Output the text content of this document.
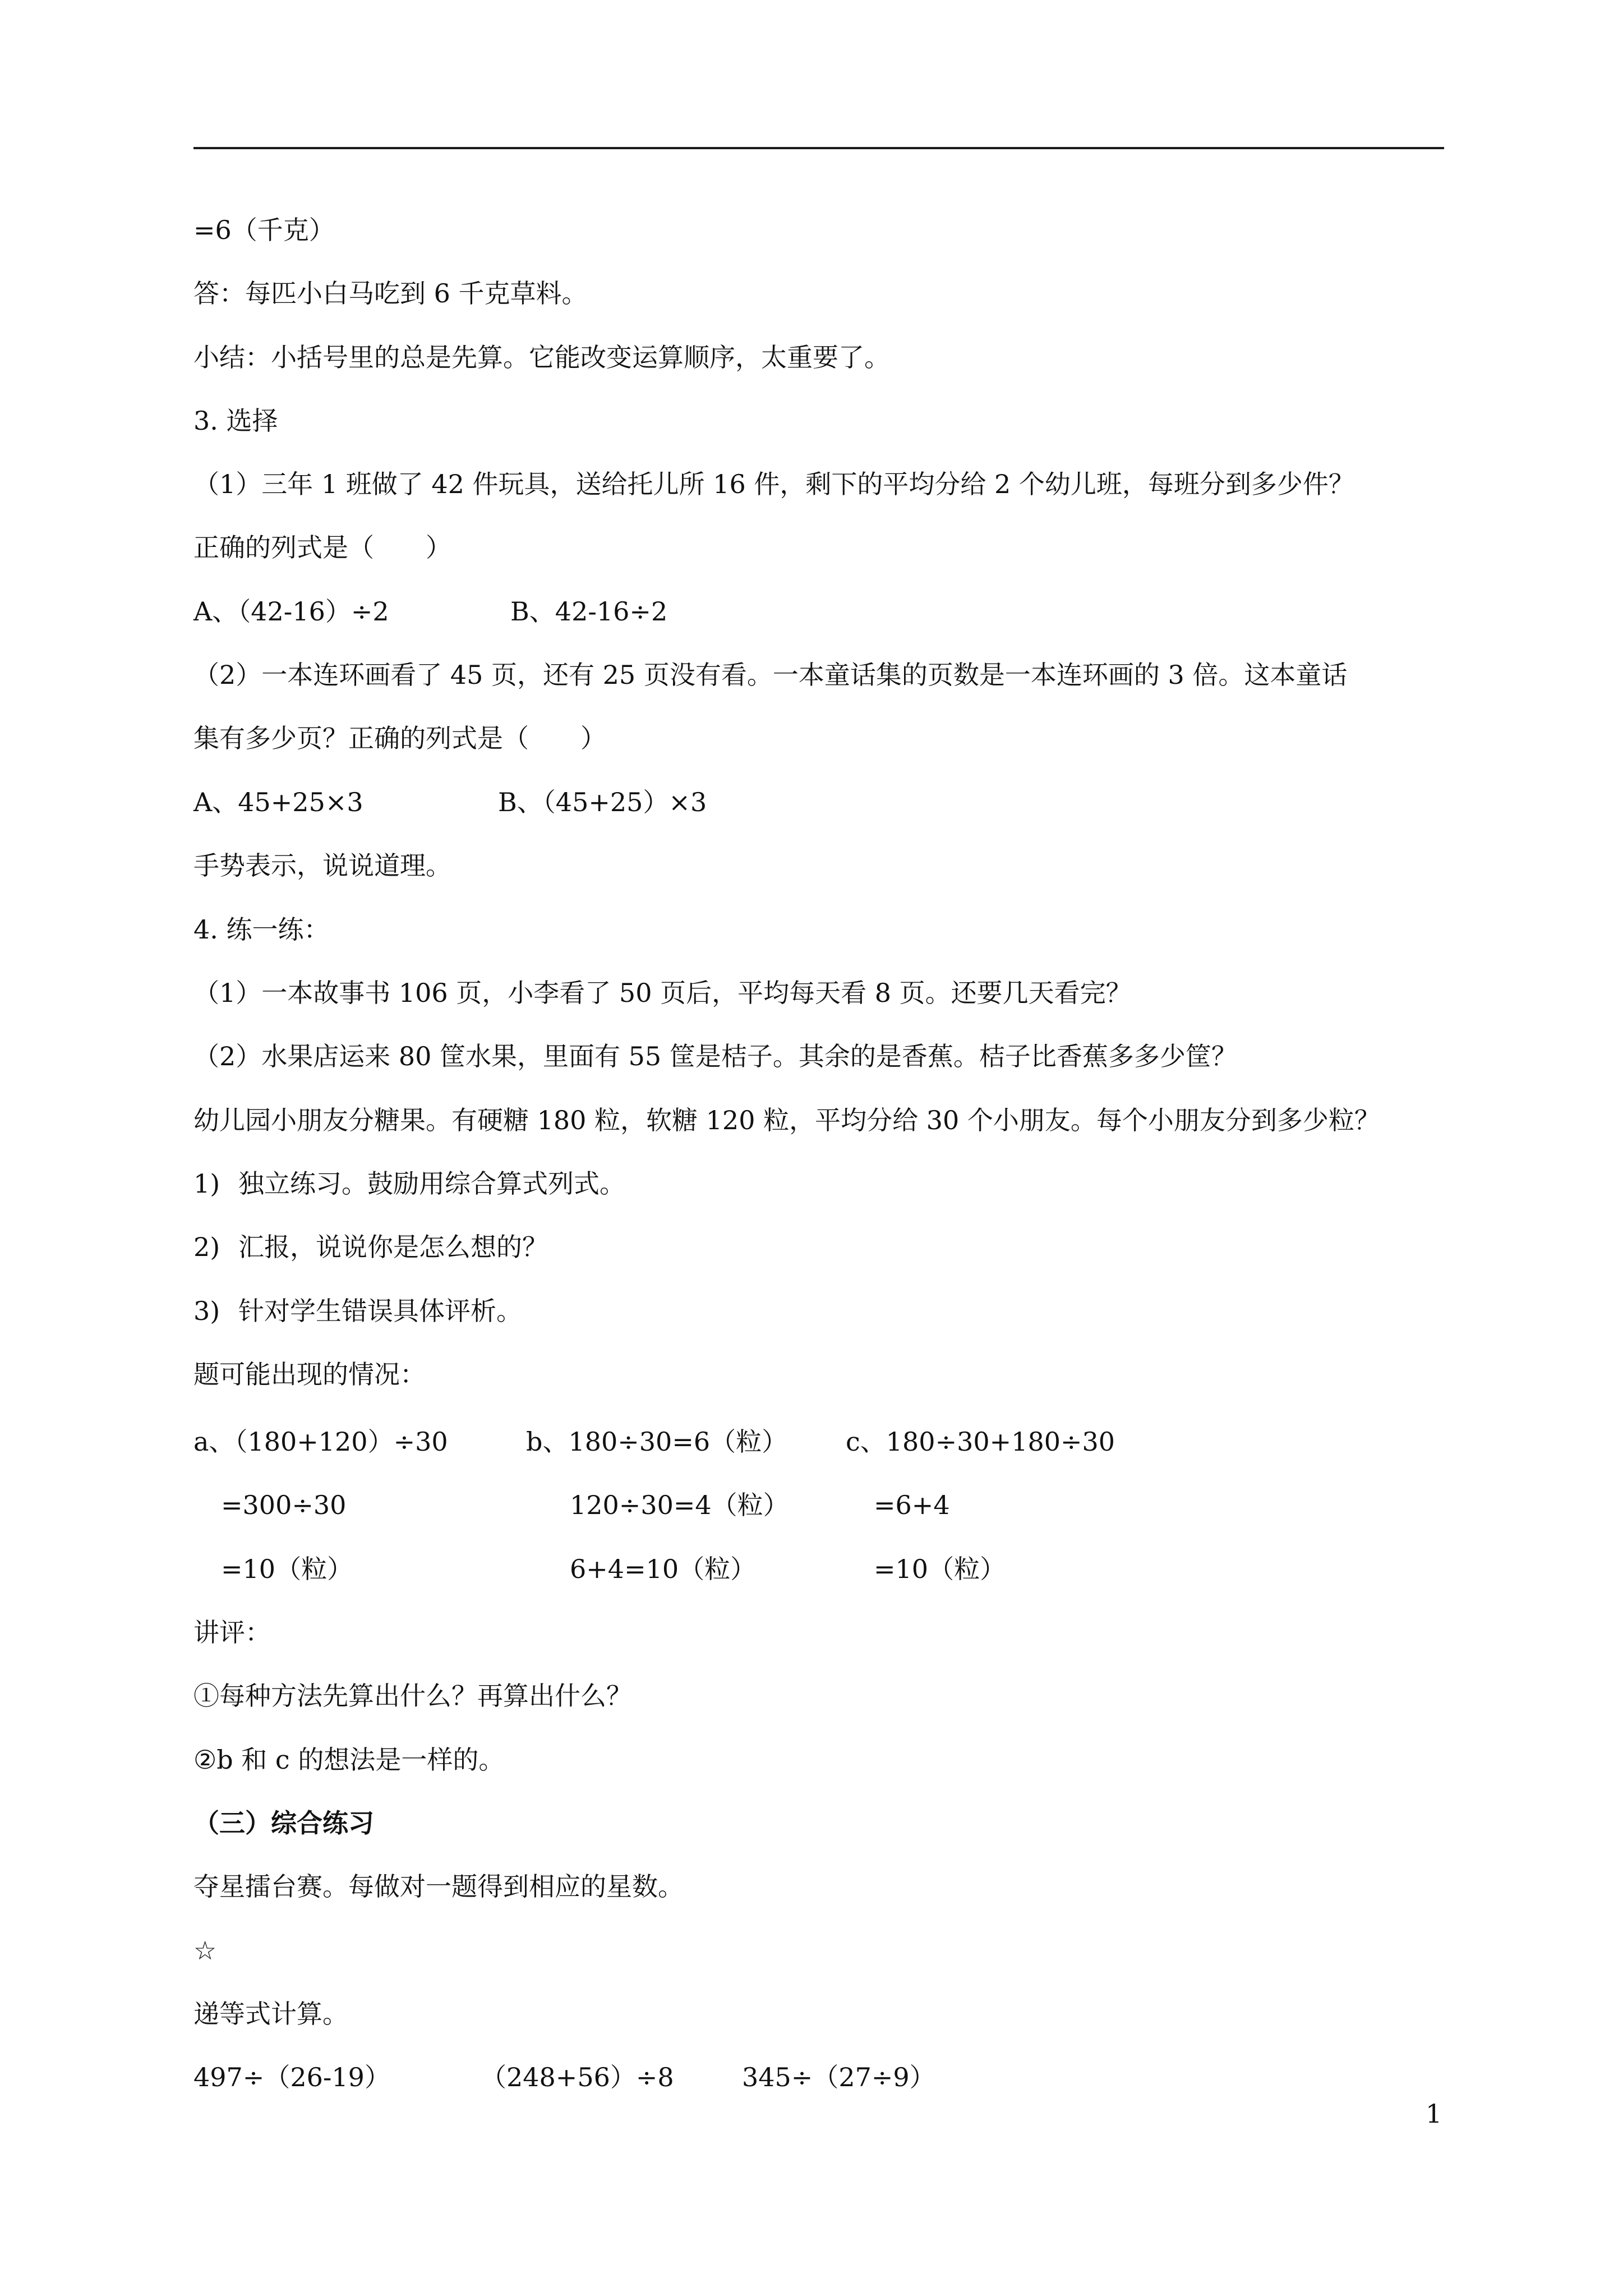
=6（千克）
答：每匹小白马吃到 6 千克草料。
小结：小括号里的总是先算。它能改变运算顺序，太重要了。
3. 选择
（1）三年 1 班做了 42 件玩具，送给托儿所 16 件，剩下的平均分给 2 个幼儿班，每班分到多少件？
正确的列式是（　　）
A、（42-16）÷2	B、42-16÷2
（2）一本连环画看了 45 页，还有 25 页没有看。一本童话集的页数是一本连环画的 3 倍。这本童话
集有多少页？正确的列式是（　　）
A、45+25×3	B、（45+25）×3
手势表示，说说道理。
4. 练一练：
（1）一本故事书 106 页，小李看了 50 页后，平均每天看 8 页。还要几天看完？
（2）水果店运来 80 筐水果，里面有 55 筐是桔子。其余的是香蕉。桔子比香蕉多多少筐？
幼儿园小朋友分糖果。有硬糖 180 粒，软糖 120 粒，平均分给 30 个小朋友。每个小朋友分到多少粒？
1) 独立练习。鼓励用综合算式列式。
2) 汇报，说说你是怎么想的？
3) 针对学生错误具体评析。
题可能出现的情况：
a、（180+120）÷30	b、180÷30=6（粒） c、180÷30+180÷30
=300÷30	120÷30=4（粒）	=6+4
=10（粒）	6+4=10（粒）	=10（粒）
讲评：
①每种方法先算出什么？再算出什么？
②b 和 c 的想法是一样的。
（三）综合练习
夺星擂台赛。每做对一题得到相应的星数。
☆
递等式计算。
497÷（26-19）	（248+56）÷8	345÷（27÷9）
1
